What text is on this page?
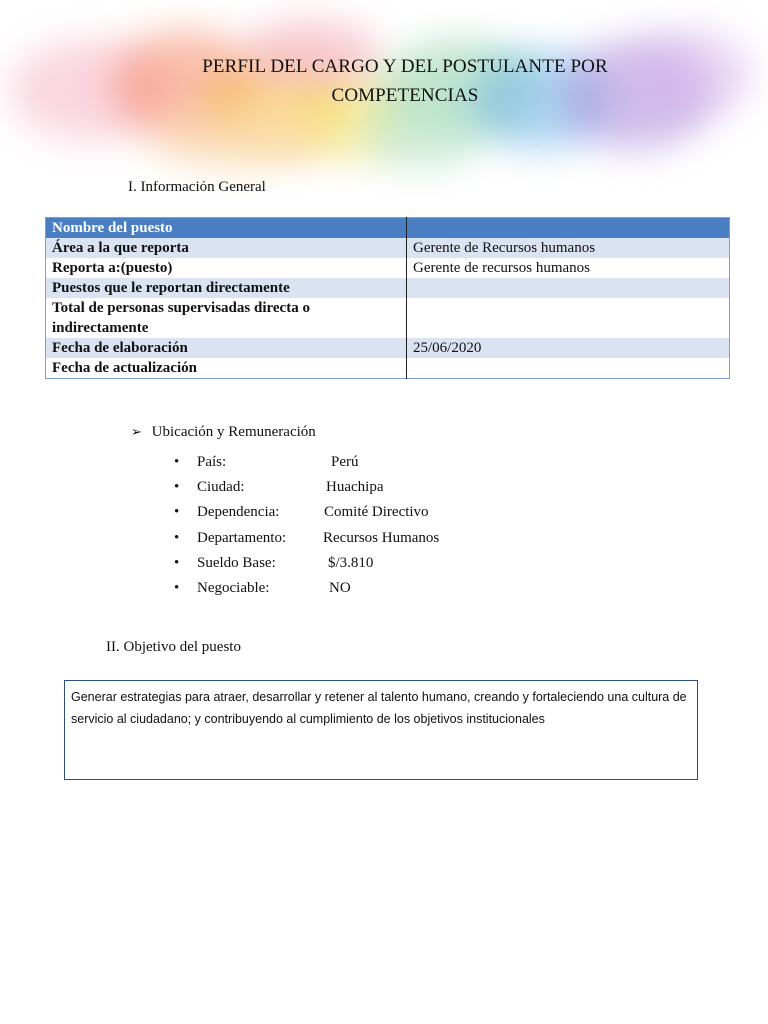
PERFIL DEL CARGO Y DEL POSTULANTE POR
COMPETENCIAS
I. Información General
Nombre del puesto	
Área a la que reporta	Gerente de Recursos humanos
Reporta a:(puesto)	Gerente de recursos humanos
Puestos que le reportan directamente	
Total de personas supervisadas directa o indirectamente	
Fecha de elaboración	25/06/2020
Fecha de actualización	
➢ Ubicación y Remuneración
• País:	Perú
• Ciudad:	Huachipa
• Dependencia:	Comité Directivo
• Departamento: Recursos Humanos
• Sueldo Base:	$/3.810
• Negociable:	NO
II. Objetivo del puesto
Generar estrategias para atraer, desarrollar y retener al talento humano, creando y fortaleciendo una cultura de servicio al ciudadano; y contribuyendo al cumplimiento de los objetivos institucionales
